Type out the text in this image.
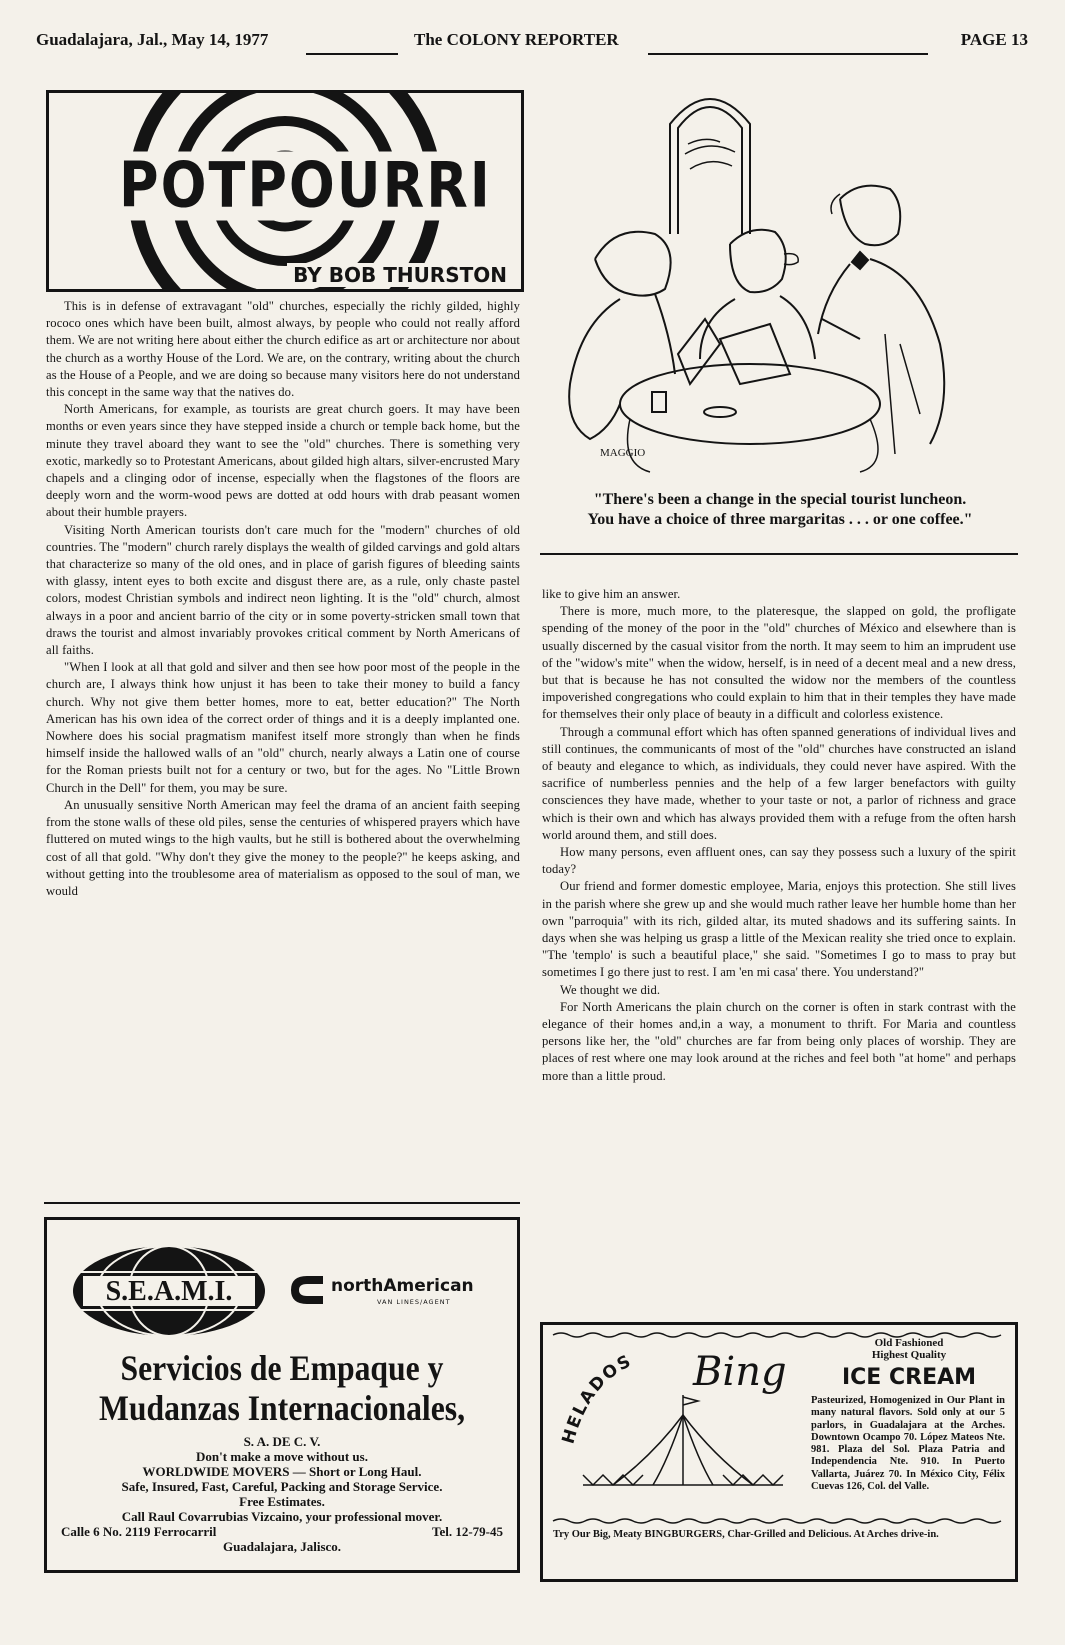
Guadalajara, Jal., May 14, 1977	The COLONY REPORTER	PAGE 13
POTPOURRI
BY BOB THURSTON

This is in defense of extravagant "old" churches, especially the richly gilded, highly rococo ones which have been built, almost always, by people who could not really afford them. We are not writing here about either the church edifice as art or architecture nor about the church as a worthy House of the Lord. We are, on the contrary, writing about the church as the House of a People, and we are doing so because many visitors here do not understand this concept in the same way that the natives do.

North Americans, for example, as tourists are great church goers. It may have been months or even years since they have stepped inside a church or temple back home, but the minute they travel aboard they want to see the "old" churches. There is something very exotic, markedly so to Protestant Americans, about gilded high altars, silver-encrusted Mary chapels and a clinging odor of incense, especially when the flagstones of the floors are deeply worn and the worm-wood pews are dotted at odd hours with drab peasant women about their humble prayers.

Visiting North American tourists don't care much for the "modern" churches of old countries. The "modern" church rarely displays the wealth of gilded carvings and gold altars that characterize so many of the old ones, and in place of garish figures of bleeding saints with glassy, intent eyes to both excite and disgust there are, as a rule, only chaste pastel colors, modest Christian symbols and indirect neon lighting. It is the "old" church, almost always in a poor and ancient barrio of the city or in some poverty-stricken small town that draws the tourist and almost invariably provokes critical comment by North Americans of all faiths.

"When I look at all that gold and silver and then see how poor most of the people in the church are, I always think how unjust it has been to take their money to build a fancy church. Why not give them better homes, more to eat, better education?" The North American has his own idea of the correct order of things and it is a deeply implanted one. Nowhere does his social pragmatism manifest itself more strongly than when he finds himself inside the hallowed walls of an "old" church, nearly always a Latin one of course for the Roman priests built not for a century or two, but for the ages. No "Little Brown Church in the Dell" for them, you may be sure.

An unusually sensitive North American may feel the drama of an ancient faith seeping from the stone walls of these old piles, sense the centuries of whispered prayers which have fluttered on muted wings to the high vaults, but he still is bothered about the overwhelming cost of all that gold. "Why don't they give the money to the people?" he keeps asking, and without getting into the troublesome area of materialism as opposed to the soul of man, we would

MAGGIO
"There's been a change in the special tourist luncheon.
You have a choice of three margaritas . . . or one coffee."

like to give him an answer.

There is more, much more, to the plateresque, the slapped on gold, the profligate spending of the money of the poor in the "old" churches of México and elsewhere than is usually discerned by the casual visitor from the north. It may seem to him an imprudent use of the "widow's mite" when the widow, herself, is in need of a decent meal and a new dress, but that is because he has not consulted the widow nor the members of the countless impoverished congregations who could explain to him that in their temples they have made for themselves their only place of beauty in a difficult and colorless existence.

Through a communal effort which has often spanned generations of individual lives and still continues, the communicants of most of the "old" churches have constructed an island of beauty and elegance to which, as individuals, they could never have aspired. With the sacrifice of numberless pennies and the help of a few larger benefactors with guilty consciences they have made, whether to your taste or not, a parlor of richness and grace which is their own and which has always provided them with a refuge from the often harsh world around them, and still does.

How many persons, even affluent ones, can say they possess such a luxury of the spirit today?

Our friend and former domestic employee, Maria, enjoys this protection. She still lives in the parish where she grew up and she would much rather leave her humble home than her own "parroquia" with its rich, gilded altar, its muted shadows and its suffering saints. In days when she was helping us grasp a little of the Mexican reality she tried once to explain. "The 'templo' is such a beautiful place," she said. "Sometimes I go to mass to pray but sometimes I go there just to rest. I am 'en mi casa' there. You understand?"

We thought we did.

For North Americans the plain church on the corner is often in stark contrast with the elegance of their homes and,in a way, a monument to thrift. For Maria and countless persons like her, the "old" churches are far from being only places of worship. They are places of rest where one may look around at the riches and feel both "at home" and perhaps more than a little proud.

S.E.A.M.I.	northAmerican
VAN LINES/AGENT
Servicios de Empaque y
Mudanzas Internacionales,
S. A. DE C. V.
Don't make a move without us.
WORLDWIDE MOVERS — Short or Long Haul.
Safe, Insured, Fast, Careful, Packing and Storage Service.
Free Estimates.
Call Raul Covarrubias Vizcaino, your professional mover.
Calle 6 No. 2119 Ferrocarril	Tel. 12-79-45
Guadalajara, Jalisco.
HELADOS Bing
Old Fashioned
Highest Quality
ICE CREAM
Pasteurized, Homogenized in Our Plant in many natural flavors. Sold only at our 5 parlors, in Guadalajara at the Arches. Downtown Ocampo 70. López Mateos Nte. 981. Plaza del Sol. Plaza Patria and Independencia Nte. 910. In Puerto Vallarta, Juárez 70. In México City, Félix Cuevas 126, Col. del Valle.
Try Our Big, Meaty BINGBURGERS, Char-Grilled and Delicious. At Arches drive-in.
